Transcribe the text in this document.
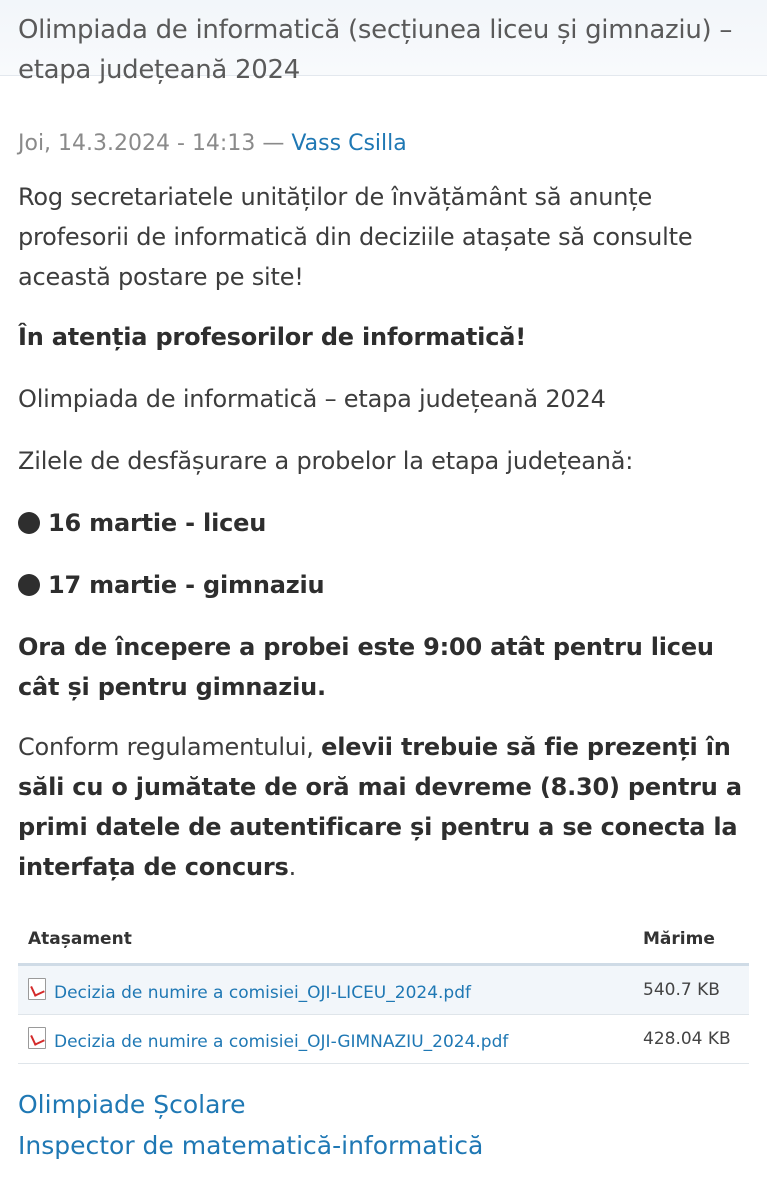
Olimpiada de informatică (secțiunea liceu și gimnaziu) – etapa județeană 2024
Joi, 14.3.2024 - 14:13 — Vass Csilla

Rog secretariatele unităților de învățământ să anunțe profesorii de informatică din deciziile atașate să consulte această postare pe site!

În atenția profesorilor de informatică!

Olimpiada de informatică – etapa județeană 2024

Zilele de desfășurare a probelor la etapa județeană:

16 martie - liceu

17 martie - gimnaziu

Ora de începere a probei este 9:00 atât pentru liceu cât și pentru gimnaziu.

Conform regulamentului, elevii trebuie să fie prezenți în săli cu o jumătate de oră mai devreme (8.30) pentru a primi datele de autentificare și pentru a se conecta la interfața de concurs.

Atașament	Mărime
Decizia de numire a comisiei_OJI-LICEU_2024.pdf	540.7 KB
Decizia de numire a comisiei_OJI-GIMNAZIU_2024.pdf	428.04 KB
Olimpiade Școlare
Inspector de matematică-informatică
